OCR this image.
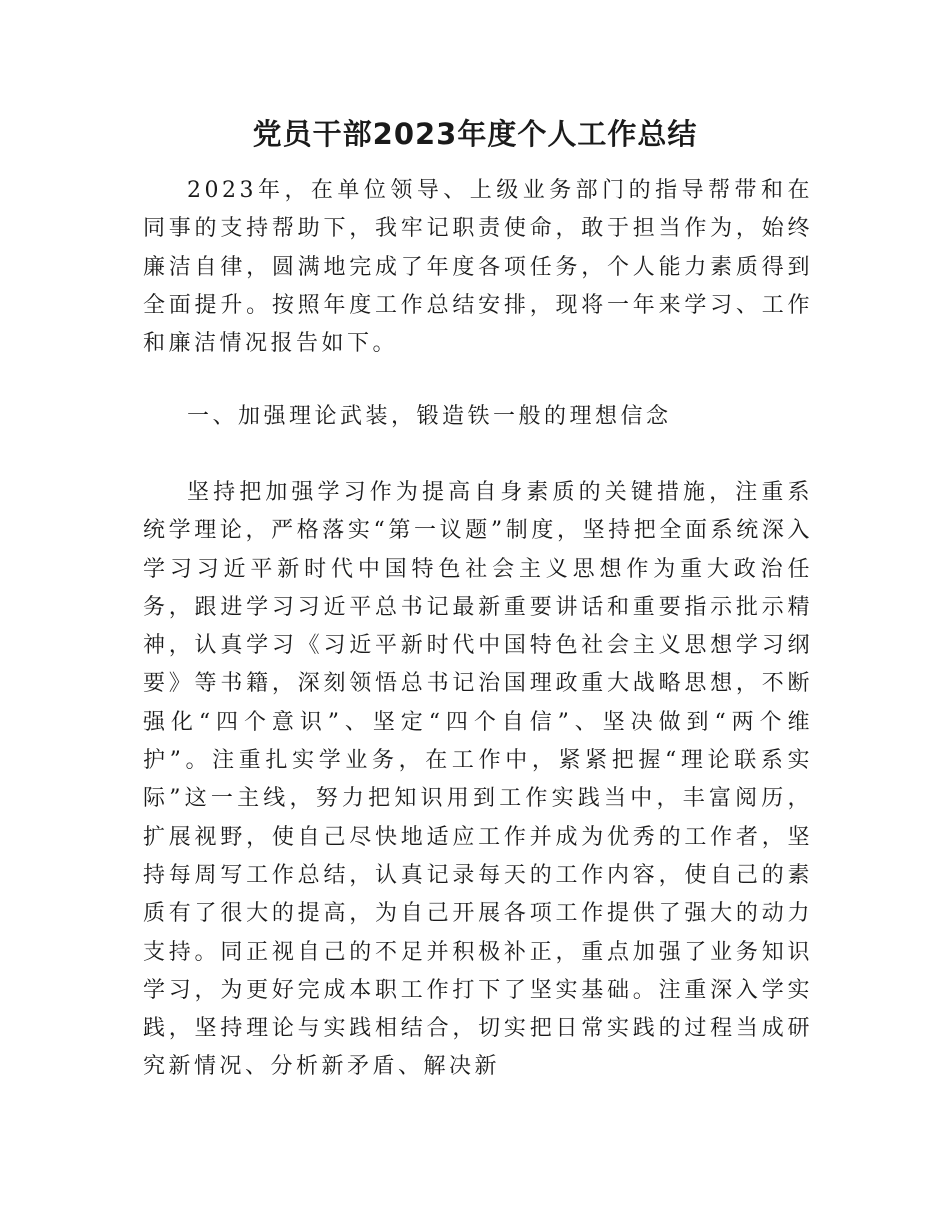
党员干部2023年度个人工作总结

2023年，在单位领导、上级业务部门的指导帮带和在同事的支持帮助下，我牢记职责使命，敢于担当作为，始终廉洁自律，圆满地完成了年度各项任务，个人能力素质得到全面提升。按照年度工作总结安排，现将一年来学习、工作和廉洁情况报告如下。

一、加强理论武装，锻造铁一般的理想信念

坚持把加强学习作为提高自身素质的关键措施，注重系统学理论，严格落实“第一议题”制度，坚持把全面系统深入学习习近平新时代中国特色社会主义思想作为重大政治任务，跟进学习习近平总书记最新重要讲话和重要指示批示精神，认真学习《习近平新时代中国特色社会主义思想学习纲要》等书籍，深刻领悟总书记治国理政重大战略思想，不断强化“四个意识”、坚定“四个自信”、坚决做到“两个维护”。注重扎实学业务，在工作中，紧紧把握“理论联系实际”这一主线，努力把知识用到工作实践当中，丰富阅历，扩展视野，使自己尽快地适应工作并成为优秀的工作者，坚持每周写工作总结，认真记录每天的工作内容，使自己的素质有了很大的提高，为自己开展各项工作提供了强大的动力支持。同正视自己的不足并积极补正，重点加强了业务知识学习，为更好完成本职工作打下了坚实基础。注重深入学实践，坚持理论与实践相结合，切实把日常实践的过程当成研究新情况、分析新矛盾、解决新
